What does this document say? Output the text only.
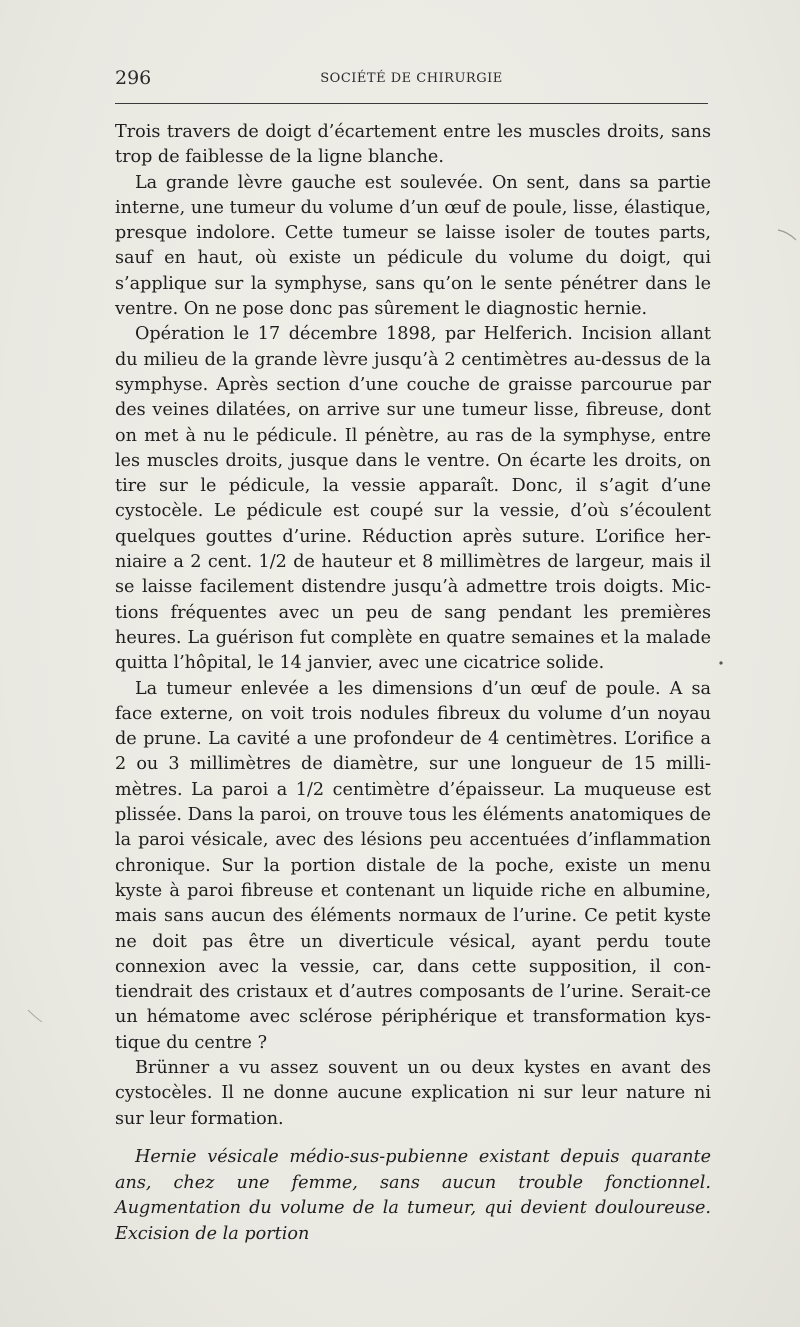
296	SOCIÉTÉ DE CHIRURGIE

Trois travers de doigt d’écartement entre les muscles droits, sans trop de faiblesse de la ligne blanche.

La grande lèvre gauche est soulevée. On sent, dans sa partie interne, une tumeur du volume d’un œuf de poule, lisse, élastique, presque indolore. Cette tumeur se laisse isoler de toutes parts, sauf en haut, où existe un pédicule du volume du doigt, qui s’applique sur la symphyse, sans qu’on le sente pénétrer dans le ventre. On ne pose donc pas sûrement le diagnostic hernie.

Opération le 17 décembre 1898, par Helferich. Incision allant du milieu de la grande lèvre jusqu’à 2 centimètres au-dessus de la symphyse. Après section d’une couche de graisse parcourue par des veines dilatées, on arrive sur une tumeur lisse, fibreuse, dont on met à nu le pédicule. Il pénètre, au ras de la symphyse, entre les muscles droits, jusque dans le ventre. On écarte les droits, on tire sur le pédicule, la vessie apparaît. Donc, il s’agit d’une cystocèle. Le pédicule est coupé sur la vessie, d’où s’écoulent quelques gouttes d’urine. Réduction après suture. L’orifice herniaire a 2 cent. 1/2 de hauteur et 8 millimètres de largeur, mais il se laisse facilement distendre jusqu’à admettre trois doigts. Mictions fréquentes avec un peu de sang pendant les premières heures. La guérison fut complète en quatre semaines et la malade quitta l’hôpital, le 14 janvier, avec une cicatrice solide.

La tumeur enlevée a les dimensions d’un œuf de poule. A sa face externe, on voit trois nodules fibreux du volume d’un noyau de prune. La cavité a une profondeur de 4 centimètres. L’orifice a 2 ou 3 millimètres de diamètre, sur une longueur de 15 millimètres. La paroi a 1/2 centimètre d’épaisseur. La muqueuse est plissée. Dans la paroi, on trouve tous les éléments anatomiques de la paroi vésicale, avec des lésions peu accentuées d’inflammation chronique. Sur la portion distale de la poche, existe un menu kyste à paroi fibreuse et contenant un liquide riche en albumine, mais sans aucun des éléments normaux de l’urine. Ce petit kyste ne doit pas être un diverticule vésical, ayant perdu toute connexion avec la vessie, car, dans cette supposition, il contiendrait des cristaux et d’autres composants de l’urine. Serait-ce un hématome avec sclérose périphérique et transformation kystique du centre ?

Brünner a vu assez souvent un ou deux kystes en avant des cystocèles. Il ne donne aucune explication ni sur leur nature ni sur leur formation.

Hernie vésicale médio-sus-pubienne existant depuis quarante ans, chez une femme, sans aucun trouble fonctionnel. Augmentation du volume de la tumeur, qui devient douloureuse. Excision de la portion
